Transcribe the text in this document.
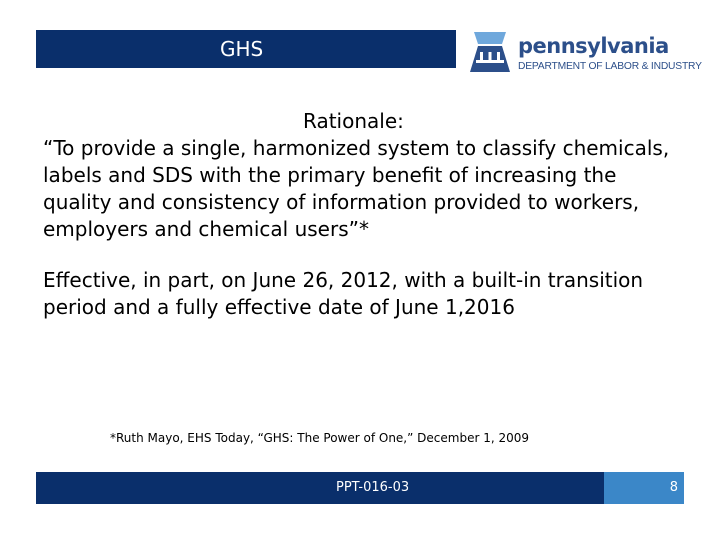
GHS	pennsylvania
DEPARTMENT OF LABOR & INDUSTRY

Rationale:

“To provide a single, harmonized system to classify chemicals, labels and SDS with the primary benefit of increasing the quality and consistency of information provided to workers, employers and chemical users”*

Effective, in part, on June 26, 2012, with a built-in transition period and a fully effective date of June 1,2016

*Ruth Mayo, EHS Today, “GHS: The Power of One,” December 1, 2009
PPT-016-03	8
